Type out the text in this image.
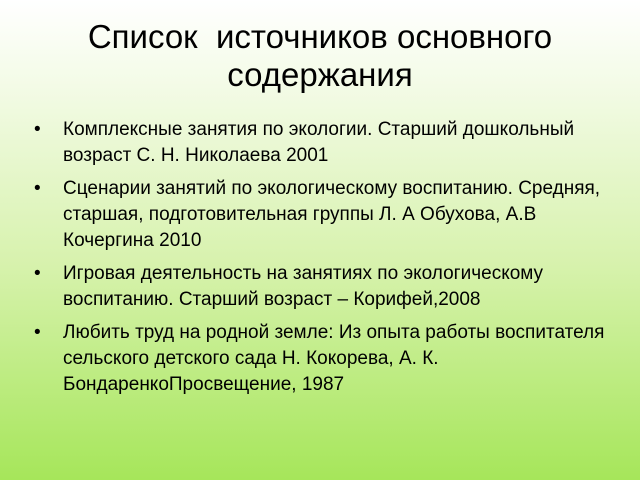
Список  источников основного
содержания
• Комплексные занятия по экологии. Старший дошкольный возраст С. Н. Николаева 2001
• Сценарии занятий по экологическому воспитанию. Средняя, старшая, подготовительная группы Л. А Обухова, А.В Кочергина 2010
• Игровая деятельность на занятиях по экологическому воспитанию. Старший возраст – Корифей,2008
• Любить труд на родной земле: Из опыта работы воспитателя сельского детского сада Н. Кокорева, А. К. БондаренкоПросвещение, 1987
